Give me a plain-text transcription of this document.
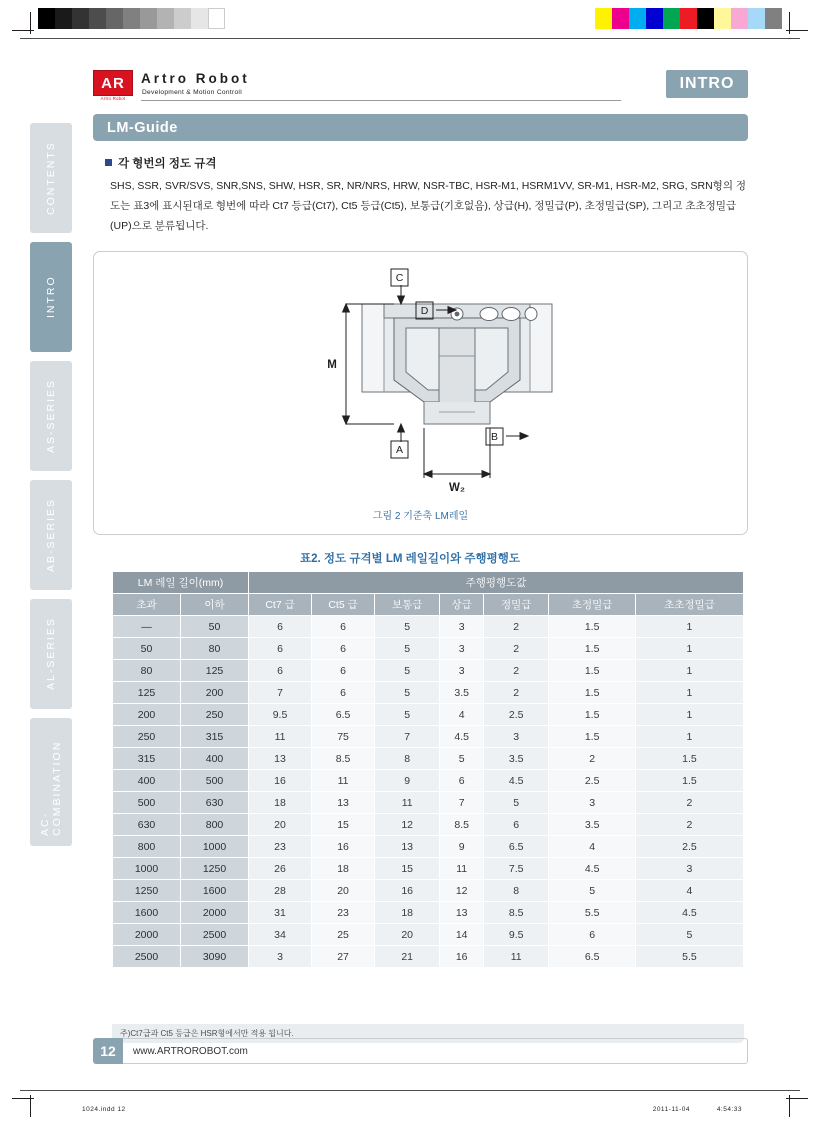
CONTENTS
INTRO
AS-SERIES
AB-SERIES
AL-SERIES
AC-COMBINATION
AR
Artro Robot
Artro Robot
Development & Motion Controll
INTRO
LM-Guide
각 형번의 정도 규격
SHS, SSR, SVR/SVS, SNR,SNS, SHW, HSR, SR, NR/NRS, HRW, NSR-TBC, HSR-M1, HSRM1VV, SR-M1, HSR-M2, SRG, SRN형의 정도는 표3에 표시된대로 형번에 따라 Ct7 등급(Ct7), Ct5 등급(Ct5), 보통급(기호없음), 상급(H), 정밀급(P), 초정밀급(SP), 그리고 초초정밀급(UP)으로 분류됩니다.
C
D
A
B
M
W₂
그림 2 기준축 LM레일
표2. 정도 규격별 LM 레일길이와 주행평행도
LM 레일 길이(mm)		주행평행도값						
초과	이하	Ct7 급	Ct5 급	보통급	상급	정밀급	초정밀급	초초정밀급
—	50	6	6	5	3	2	1.5	1
50	80	6	6	5	3	2	1.5	1
80	125	6	6	5	3	2	1.5	1
125	200	7	6	5	3.5	2	1.5	1
200	250	9.5	6.5	5	4	2.5	1.5	1
250	315	11	75	7	4.5	3	1.5	1
315	400	13	8.5	8	5	3.5	2	1.5
400	500	16	11	9	6	4.5	2.5	1.5
500	630	18	13	11	7	5	3	2
630	800	20	15	12	8.5	6	3.5	2
800	1000	23	16	13	9	6.5	4	2.5
1000	1250	26	18	15	11	7.5	4.5	3
1250	1600	28	20	16	12	8	5	4
1600	2000	31	23	18	13	8.5	5.5	4.5
2000	2500	34	25	20	14	9.5	6	5
2500	3090	3	27	21	16	11	6.5	5.5
주)Ct7급과 Ct5 등급은 HSR형에서만 적용 됩니다.
12	www.ARTROROBOT.com
1024.indd 12	2011-11-04	4:54:33
